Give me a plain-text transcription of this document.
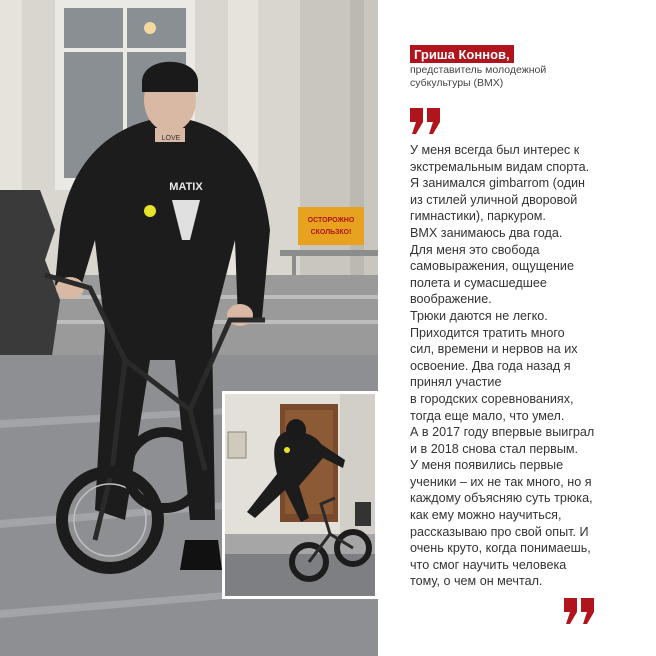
ОСТОРОЖНО
СКОЛЬЗКО!
LOVE
MATIX
Гриша Коннов,
представитель молодежной
субкультуры (BMX)
У меня всегда был интерес к
экстремальным видам спорта.
Я занимался gimbarrom (один
из стилей уличной дворовой
гимнастики), паркуром.
BMX занимаюсь два года.
Для меня это свобода
самовыражения, ощущение
полета и сумасшедшее
воображение.
Трюки даются не легко.
Приходится тратить много
сил, времени и нервов на их
освоение. Два года назад я
принял участие
в городских соревнованиях,
тогда еще мало, что умел.
А в 2017 году впервые выиграл
и в 2018 снова стал первым.
У меня появились первые
ученики – их не так много, но я
каждому объясняю суть трюка,
как ему можно научиться,
рассказываю про свой опыт. И
очень круто, когда понимаешь,
что смог научить человека
тому, о чем он мечтал.
